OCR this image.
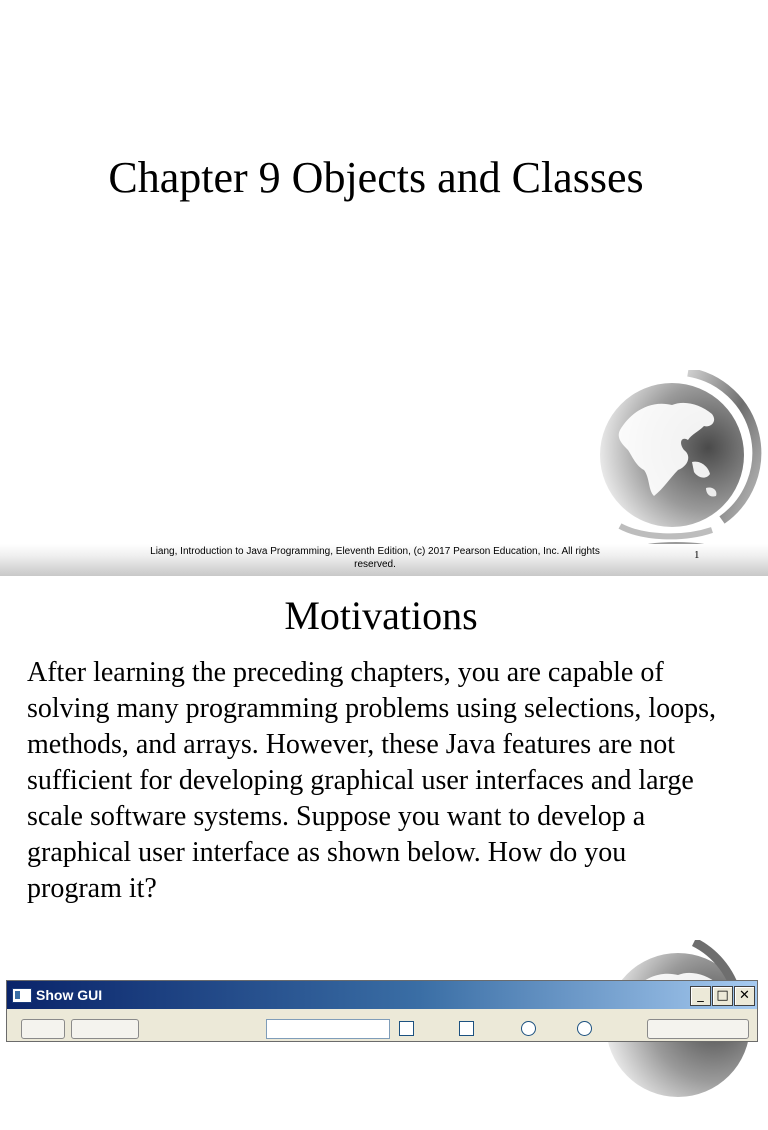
Chapter 9 Objects and Classes
Liang, Introduction to Java Programming, Eleventh Edition, (c) 2017 Pearson Education, Inc. All rights reserved.
1
Motivations

After learning the preceding chapters, you are capable of solving many programming problems using selections, loops, methods, and arrays. However, these Java features are not sufficient for developing graphical user interfaces and large scale software systems. Suppose you want to develop a graphical user interface as shown below. How do you program it?

Show GUI	_ □ ✕
